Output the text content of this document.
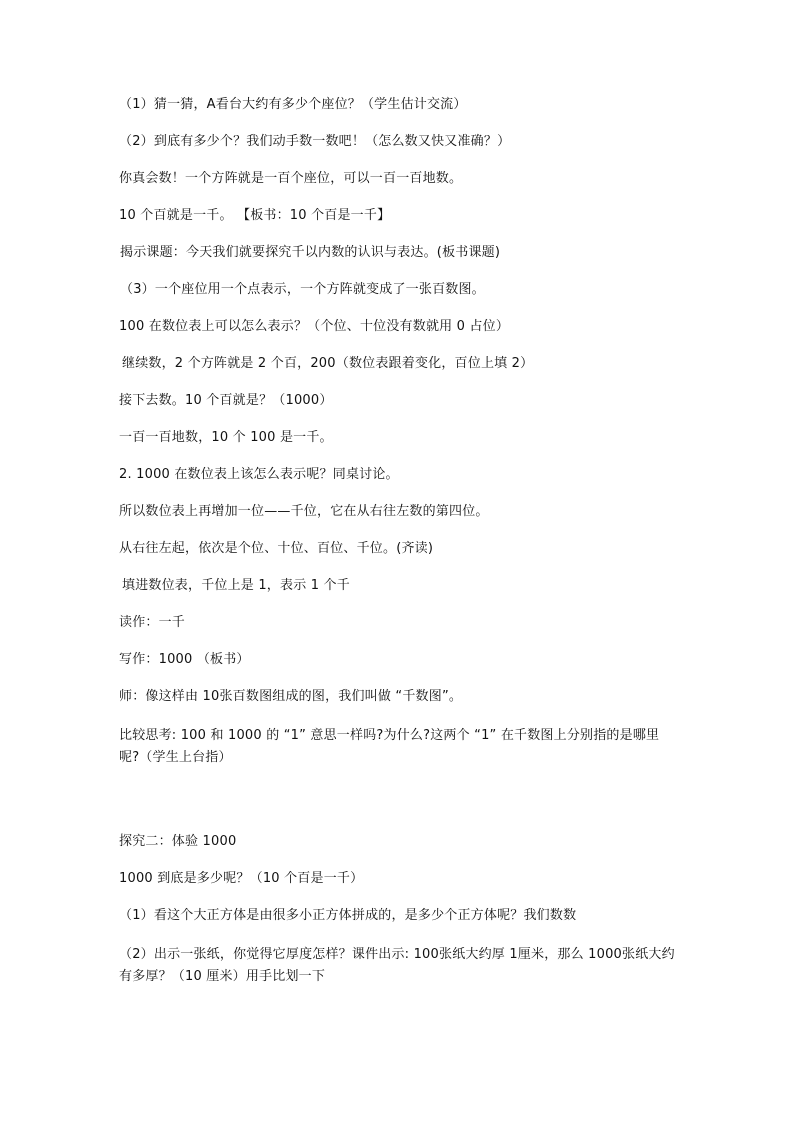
（1）猜一猜，A看台大约有多少个座位？（学生估计交流）
（2）到底有多少个？我们动手数一数吧！（怎么数又快又准确？）
你真会数！一个方阵就是一百个座位，可以一百一百地数。
10 个百就是一千。 【板书：10 个百是一千】
揭示课题：今天我们就要探究千以内数的认识与表达。(板书课题)
（3）一个座位用一个点表示，一个方阵就变成了一张百数图。
100 在数位表上可以怎么表示？（个位、十位没有数就用 0 占位）
继续数，2 个方阵就是 2 个百，200（数位表跟着变化，百位上填 2）
接下去数。10 个百就是？（1000）
一百一百地数，10 个 100 是一千。
2. 1000 在数位表上该怎么表示呢？同桌讨论。
所以数位表上再增加一位——千位，它在从右往左数的第四位。
从右往左起，依次是个位、十位、百位、千位。(齐读)
填进数位表，千位上是 1，表示 1 个千
读作：一千
写作：1000 （板书）
师：像这样由 10张百数图组成的图，我们叫做 “千数图”。
比较思考: 100 和 1000 的 “1” 意思一样吗?为什么?这两个 “1” 在千数图上分别指的是哪里呢?（学生上台指）
探究二：体验 1000
1000 到底是多少呢？（10 个百是一千）
（1）看这个大正方体是由很多小正方体拼成的，是多少个正方体呢？我们数数
（2）出示一张纸，你觉得它厚度怎样？课件出示: 100张纸大约厚 1厘米，那么 1000张纸大约有多厚？（10 厘米）用手比划一下
